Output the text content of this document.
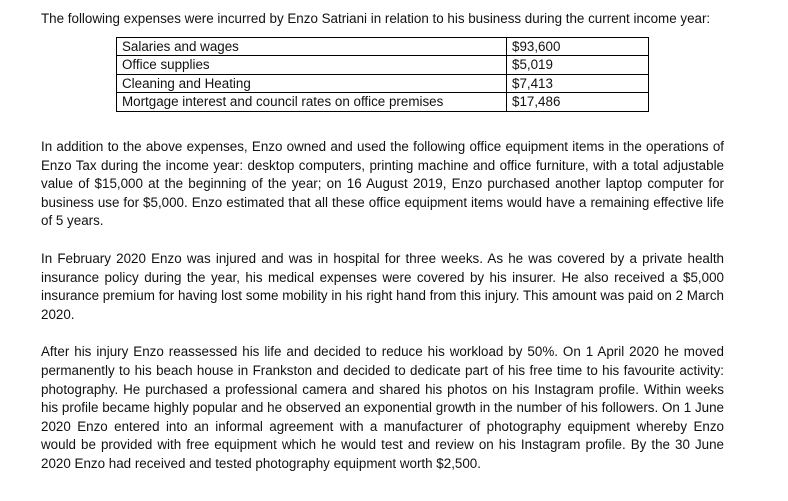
The following expenses were incurred by Enzo Satriani in relation to his business during the current income year:

Salaries and wages	$93,600
Office supplies	$5,019
Cleaning and Heating	$7,413
Mortgage interest and council rates on office premises	$17,486

In addition to the above expenses, Enzo owned and used the following office equipment items in the operations of Enzo Tax during the income year: desktop computers, printing machine and office furniture, with a total adjustable value of $15,000 at the beginning of the year; on 16 August 2019, Enzo purchased another laptop computer for business use for $5,000. Enzo estimated that all these office equipment items would have a remaining effective life of 5 years.

In February 2020 Enzo was injured and was in hospital for three weeks. As he was covered by a private health insurance policy during the year, his medical expenses were covered by his insurer. He also received a $5,000 insurance premium for having lost some mobility in his right hand from this injury. This amount was paid on 2 March 2020.

After his injury Enzo reassessed his life and decided to reduce his workload by 50%. On 1 April 2020 he moved permanently to his beach house in Frankston and decided to dedicate part of his free time to his favourite activity: photography. He purchased a professional camera and shared his photos on his Instagram profile. Within weeks his profile became highly popular and he observed an exponential growth in the number of his followers. On 1 June 2020 Enzo entered into an informal agreement with a manufacturer of photography equipment whereby Enzo would be provided with free equipment which he would test and review on his Instagram profile. By the 30 June 2020 Enzo had received and tested photography equipment worth $2,500.
